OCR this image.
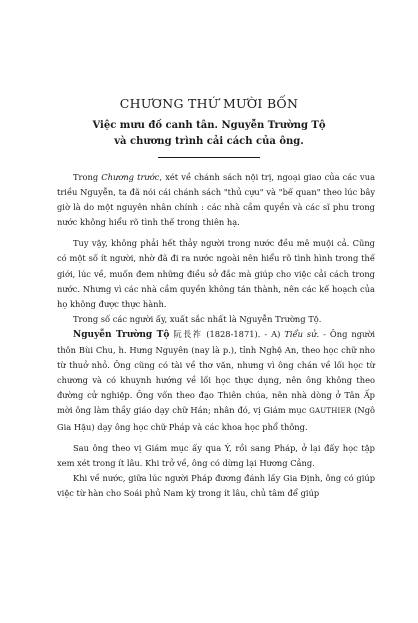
CHƯƠNG THỨ MƯỜI BỐN
Việc mưu đồ canh tân. Nguyễn Trường Tộ
và chương trình cải cách của ông.

Trong Chương trước, xét về chánh sách nội trị, ngoại giao của các vua triều Nguyễn, ta đã nói cái chánh sách "thủ cựu" và "bế quan" theo lúc bây giờ là do một nguyên nhân chính : các nhà cầm quyền và các sĩ phu trong nước không hiểu rõ tình thế trong thiên hạ.

Tuy vậy, không phải hết thảy người trong nước đều mê muội cả. Cũng có một số ít người, nhờ đã đi ra nước ngoài nên hiểu rõ tình hình trong thế giới, lúc về, muốn đem những điều sở đắc mà giúp cho việc cải cách trong nước. Nhưng vì các nhà cầm quyền không tán thành, nên các kế hoạch của họ không được thực hành.

Trong số các người ấy, xuất sắc nhất là Nguyễn Trường Tộ.

Nguyễn Trường Tộ 阮長祚 (1828-1871). - A) Tiểu sử. - Ông người thôn Bùi Chu, h. Hưng Nguyên (nay là p.), tỉnh Nghệ An, theo học chữ nho từ thuở nhỏ. Ông cũng có tài về thơ văn, nhưng vì ông chán về lối học từ chương và có khuynh hướng về lối học thực dụng, nên ông không theo đường cử nghiệp. Ông vốn theo đạo Thiên chúa, nên nhà dòng ở Tân Ấp mời ông làm thầy giáo dạy chữ Hán; nhân đó, vị Giám mục GAUTHIER (Ngô Gia Hậu) dạy ông học chữ Pháp và các khoa học phổ thông.

Sau ông theo vị Giám mục ấy qua Ý, rồi sang Pháp, ở lại đấy học tập xem xét trong ít lâu. Khi trở về, ông có dừng lại Hương Cảng.

Khi về nước, giữa lúc người Pháp đương đánh lấy Gia Định, ông có giúp việc từ hàn cho Soái phủ Nam kỳ trong ít lâu, chủ tâm để giúp
